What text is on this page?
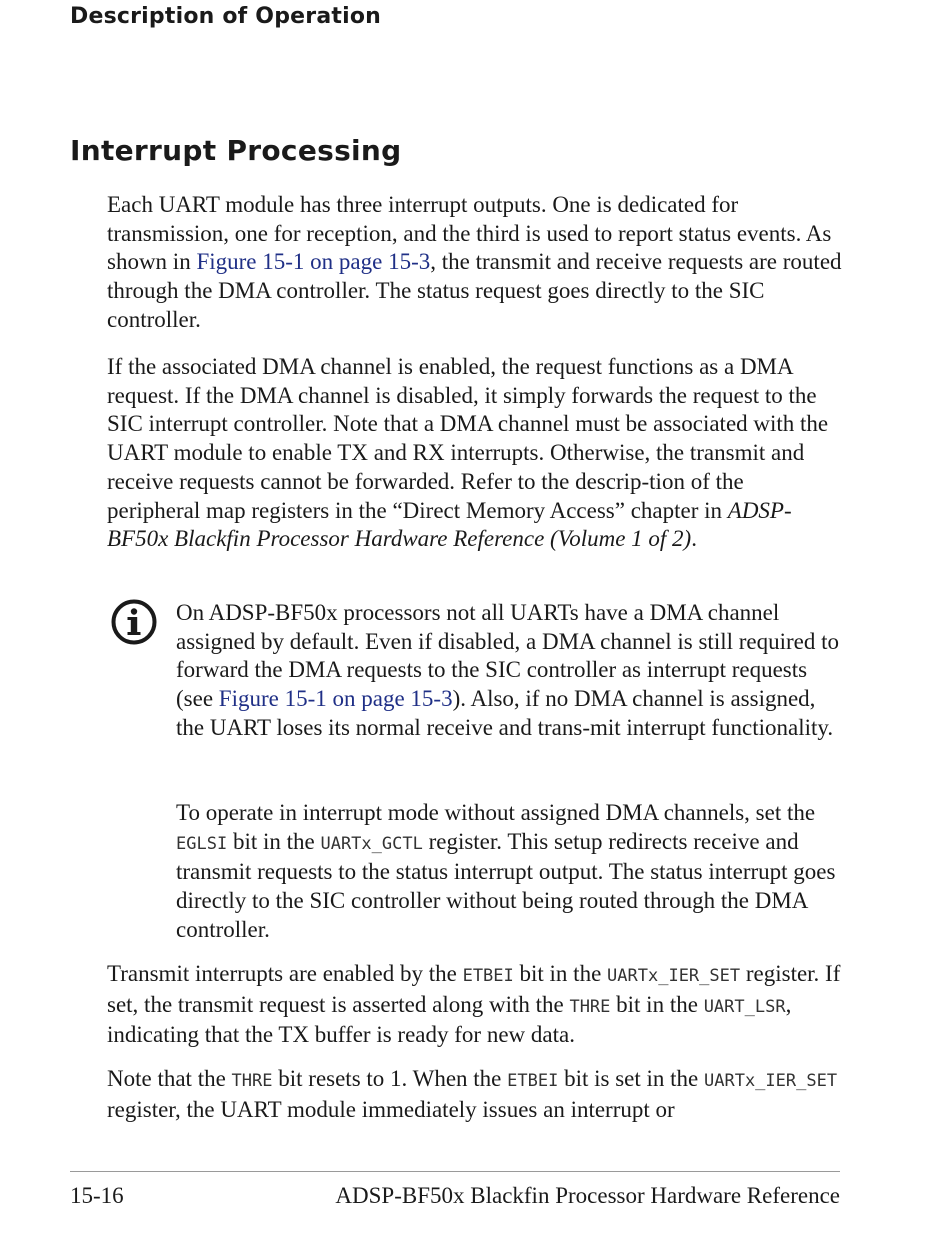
Description of Operation
Interrupt Processing

Each UART module has three interrupt outputs. One is dedicated for transmission, one for reception, and the third is used to report status events. As shown in Figure 15-1 on page 15-3, the transmit and receive requests are routed through the DMA controller. The status request goes directly to the SIC controller.

If the associated DMA channel is enabled, the request functions as a DMA request. If the DMA channel is disabled, it simply forwards the request to the SIC interrupt controller. Note that a DMA channel must be associated with the UART module to enable TX and RX interrupts. Otherwise, the transmit and receive requests cannot be forwarded. Refer to the descrip-tion of the peripheral map registers in the “Direct Memory Access” chapter in ADSP-BF50x Blackfin Processor Hardware Reference (Volume 1 of 2).

On ADSP-BF50x processors not all UARTs have a DMA channel assigned by default. Even if disabled, a DMA channel is still required to forward the DMA requests to the SIC controller as interrupt requests (see Figure 15-1 on page 15-3). Also, if no DMA channel is assigned, the UART loses its normal receive and trans-mit interrupt functionality.

To operate in interrupt mode without assigned DMA channels, set the EGLSI bit in the UARTx_GCTL register. This setup redirects receive and transmit requests to the status interrupt output. The status interrupt goes directly to the SIC controller without being routed through the DMA controller.

Transmit interrupts are enabled by the ETBEI bit in the UARTx_IER_SET register. If set, the transmit request is asserted along with the THRE bit in the UART_LSR, indicating that the TX buffer is ready for new data.

Note that the THRE bit resets to 1. When the ETBEI bit is set in the UARTx_IER_SET register, the UART module immediately issues an interrupt or

15-16	ADSP-BF50x Blackfin Processor Hardware Reference
